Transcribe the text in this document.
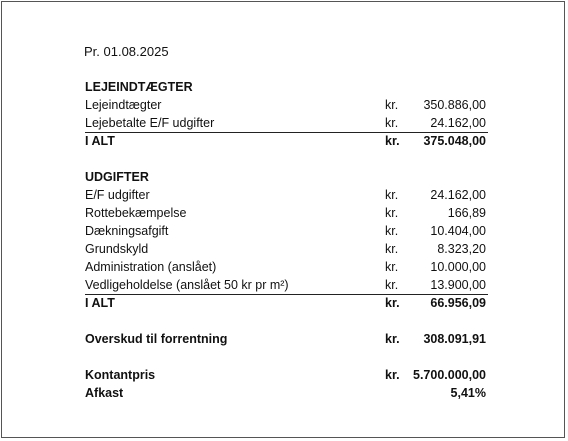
Pr. 01.08.2025
LEJEINDTÆGTER
Lejeindtægter	kr. 350.886,00
Lejebetalte E/F udgifter	kr.	24.162,00
I ALT	kr. 375.048,00
UDGIFTER
E/F udgifter	kr.	24.162,00
Rottebekæmpelse	kr.	166,89
Dækningsafgift	kr.	10.404,00
Grundskyld	kr.	8.323,20
Administration (anslået)	kr.	10.000,00
Vedligeholdelse (anslået 50 kr pr m²)	kr.	13.900,00
I ALT	kr. 66.956,09
Overskud til forrentning	kr. 308.091,91
Kontantpris	kr. 5.700.000,00
Afkast	5,41%
